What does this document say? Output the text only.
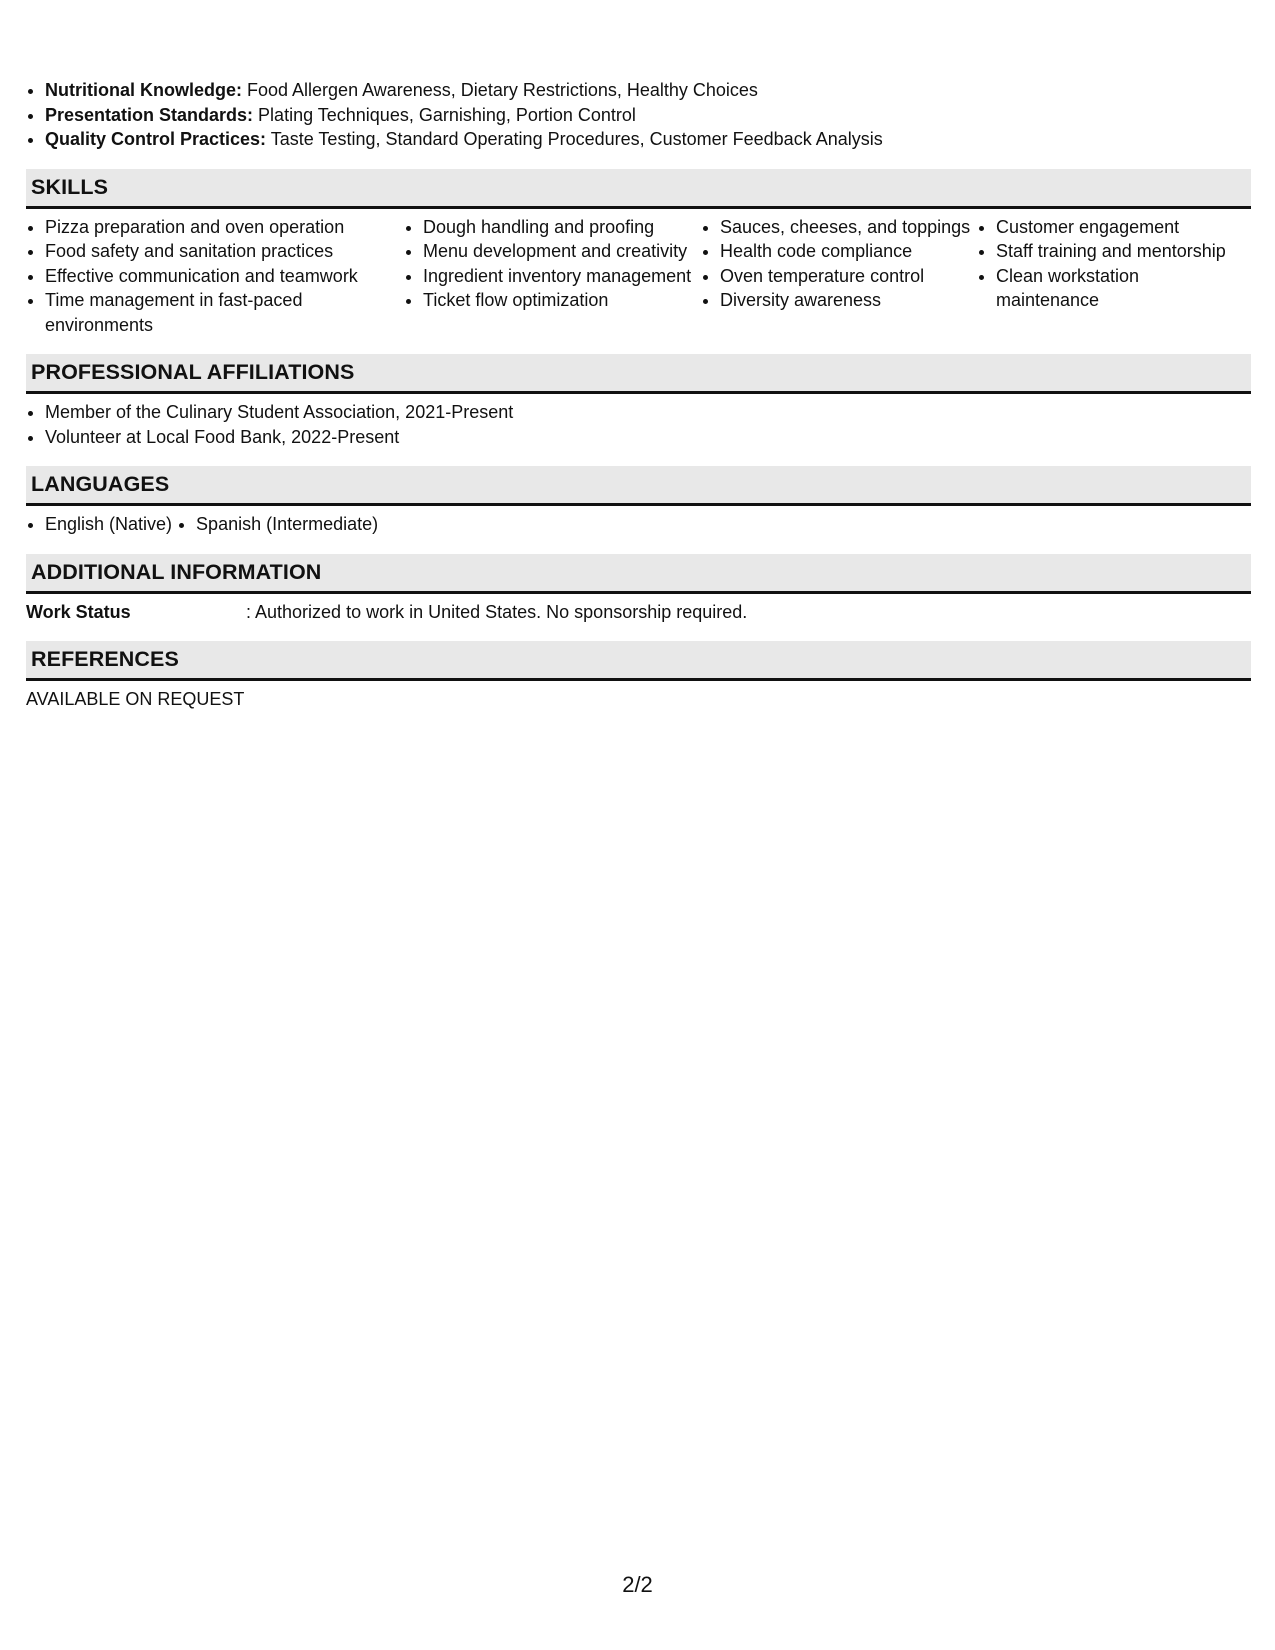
• Nutritional Knowledge: Food Allergen Awareness, Dietary Restrictions, Healthy Choices
• Presentation Standards: Plating Techniques, Garnishing, Portion Control
• Quality Control Practices: Taste Testing, Standard Operating Procedures, Customer Feedback Analysis
SKILLS
• Pizza preparation and oven operation
• Food safety and sanitation practices
• Effective communication and teamwork
• Time management in fast-paced environments
• Dough handling and proofing
• Menu development and creativity
• Ingredient inventory management
• Ticket flow optimization
• Sauces, cheeses, and toppings
• Health code compliance
• Oven temperature control
• Diversity awareness
• Customer engagement
• Staff training and mentorship
• Clean workstation maintenance
PROFESSIONAL AFFILIATIONS
• Member of the Culinary Student Association, 2021-Present
• Volunteer at Local Food Bank, 2022-Present
LANGUAGES
• English (Native)
• Spanish (Intermediate)
ADDITIONAL INFORMATION
Work Status	: Authorized to work in United States. No sponsorship required.
REFERENCES
AVAILABLE ON REQUEST
2/2
